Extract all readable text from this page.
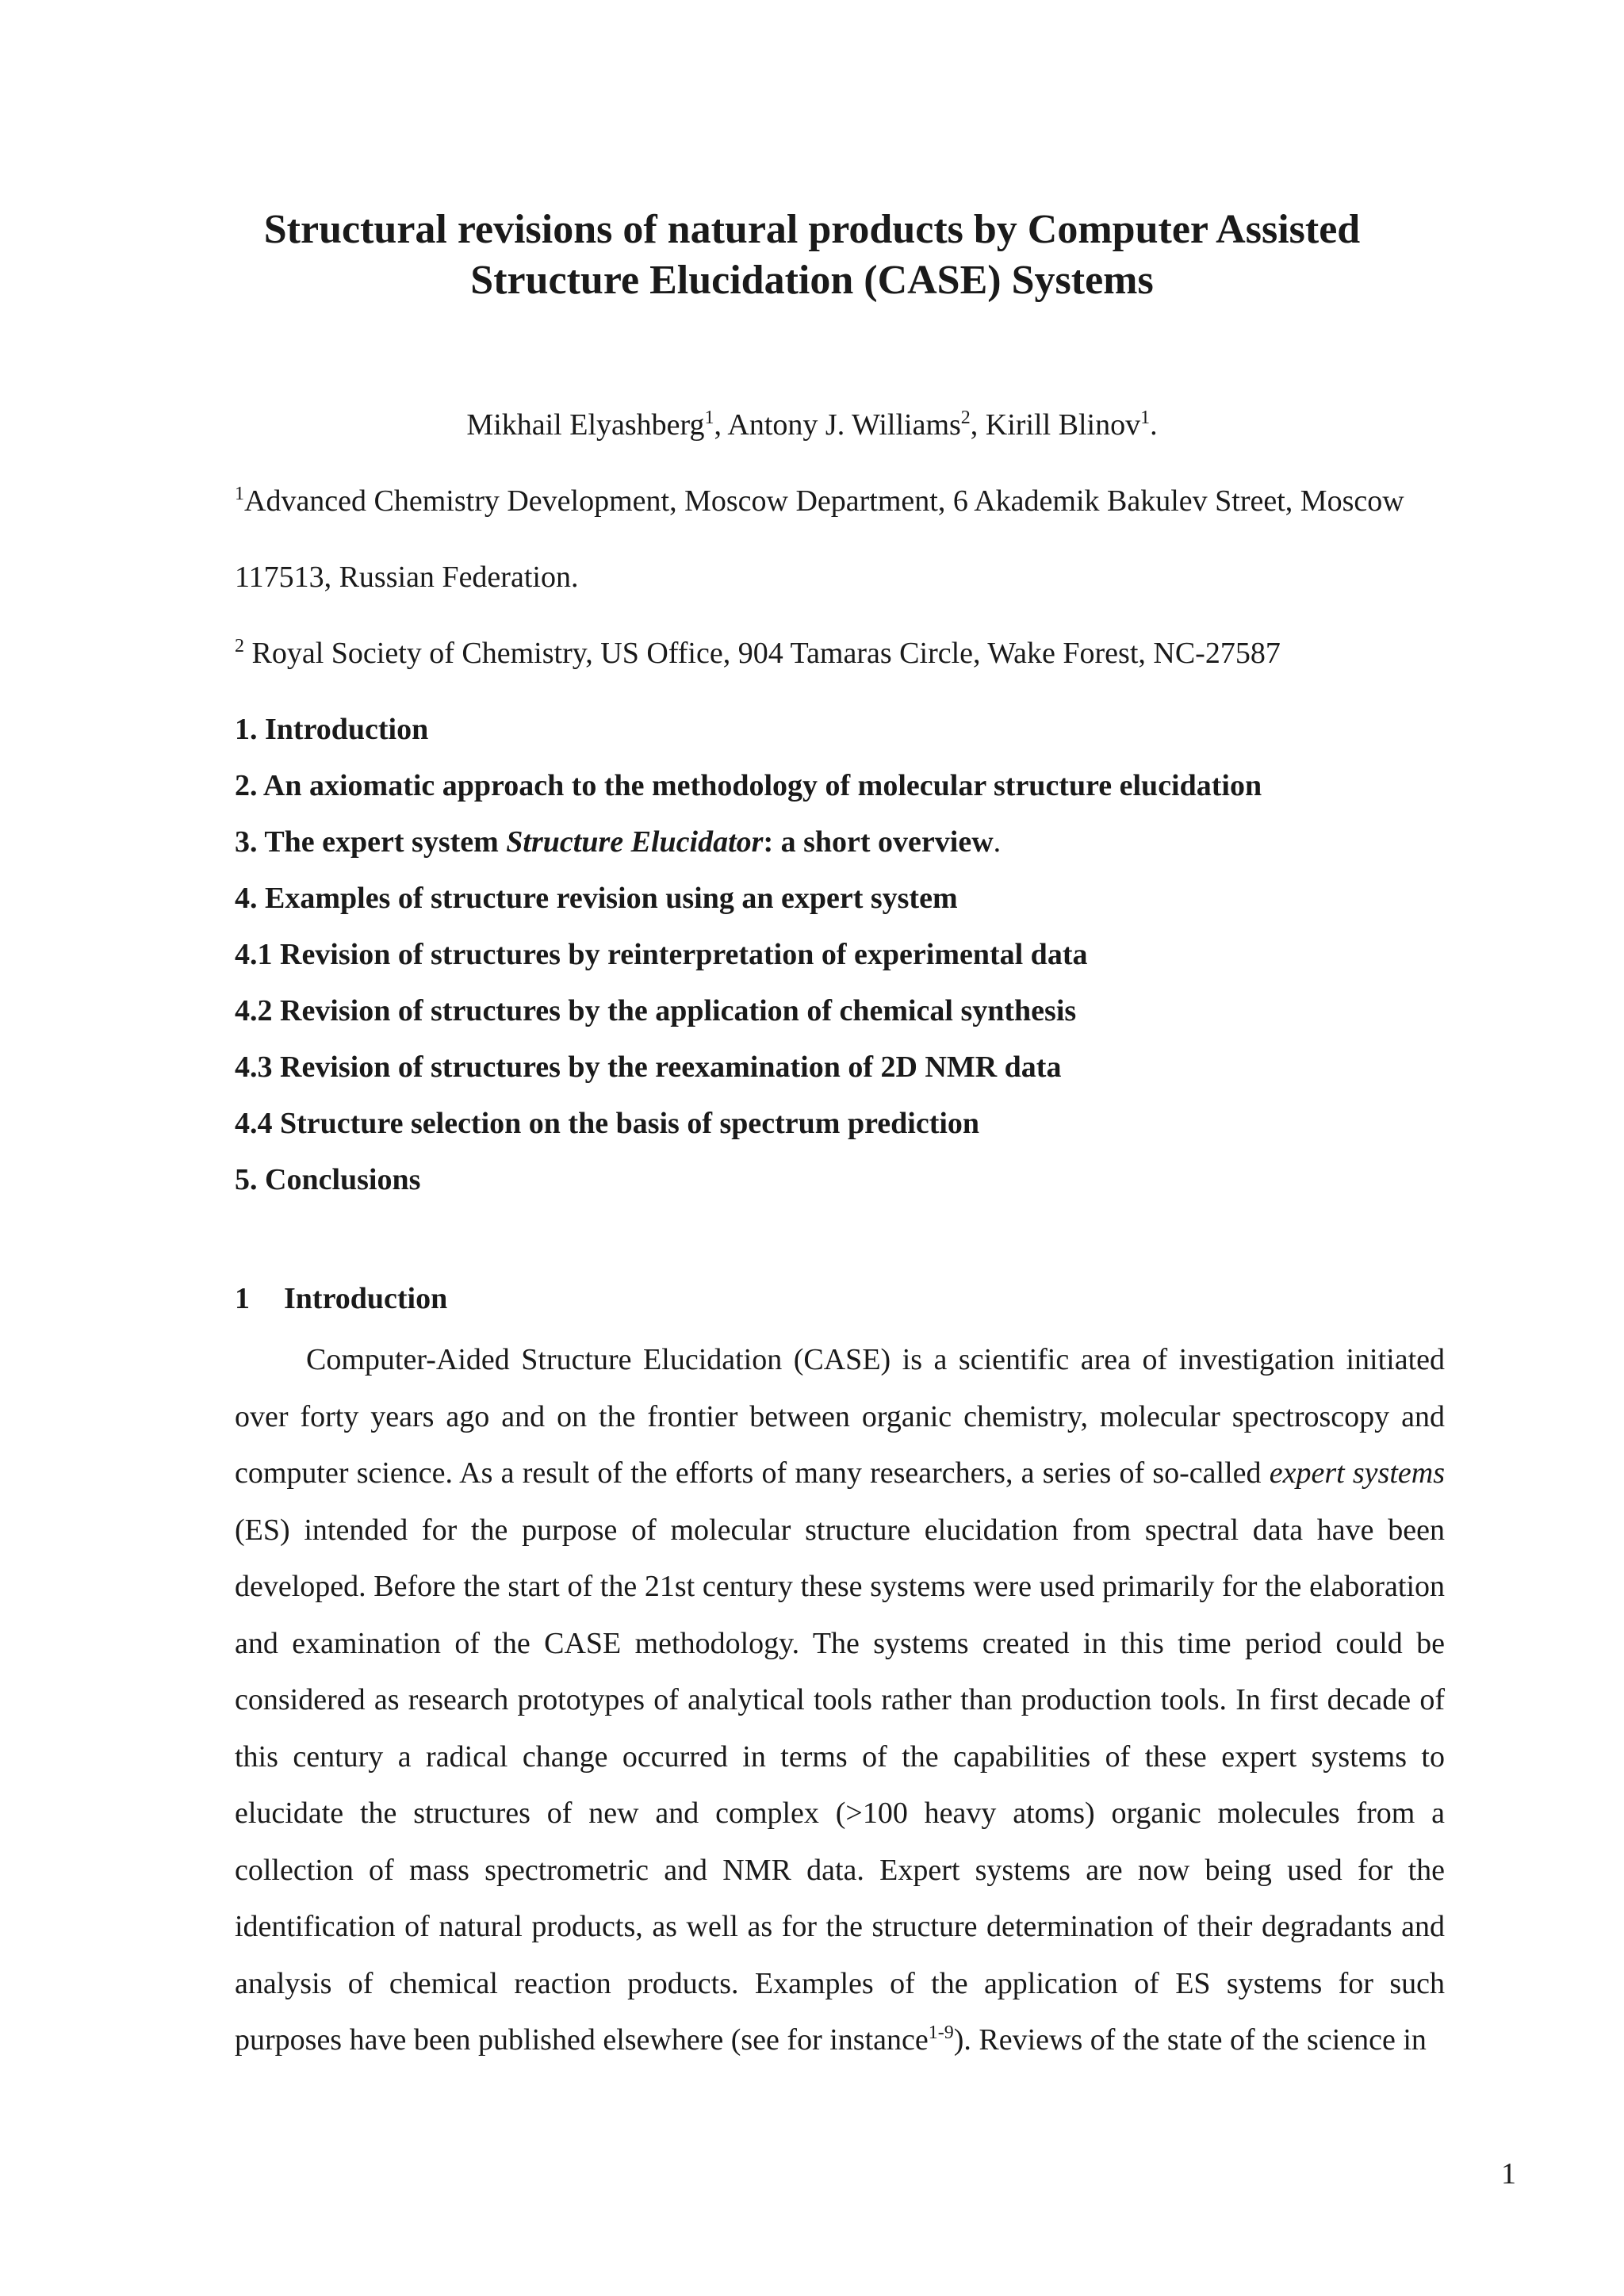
Structural revisions of natural products by Computer Assisted
Structure Elucidation (CASE) Systems
Mikhail Elyashberg$^1$, Antony J. Williams$^2$, Kirill Blinov$^1$.
$^1$Advanced Chemistry Development, Moscow Department, 6 Akademik Bakulev Street, Moscow
117513, Russian Federation.
$^2$ Royal Society of Chemistry, US Office, 904 Tamaras Circle, Wake Forest, NC-27587
1. Introduction
2. An axiomatic approach to the methodology of molecular structure elucidation
3. The expert system Structure Elucidator: a short overview.
4. Examples of structure revision using an expert system
4.1 Revision of structures by reinterpretation of experimental data
4.2 Revision of structures by the application of chemical synthesis
4.3 Revision of structures by the reexamination of 2D NMR data
4.4 Structure selection on the basis of spectrum prediction
5. Conclusions
1 Introduction
Computer-Aided Structure Elucidation (CASE) is a scientific area of investigation initiated over forty years ago and on the frontier between organic chemistry, molecular spectroscopy and computer science. As a result of the efforts of many researchers, a series of so-called expert systems (ES) intended for the purpose of molecular structure elucidation from spectral data have been developed. Before the start of the 21st century these systems were used primarily for the elaboration and examination of the CASE methodology. The systems created in this time period could be considered as research prototypes of analytical tools rather than production tools. In first decade of this century a radical change occurred in terms of the capabilities of these expert systems to elucidate the structures of new and complex (>100 heavy atoms) organic molecules from a collection of mass spectrometric and NMR data. Expert systems are now being used for the identification of natural products, as well as for the structure determination of their degradants and analysis of chemical reaction products. Examples of the application of ES systems for such purposes have been published elsewhere (see for instance$^{1-9}$). Reviews of the state of the science in
1
